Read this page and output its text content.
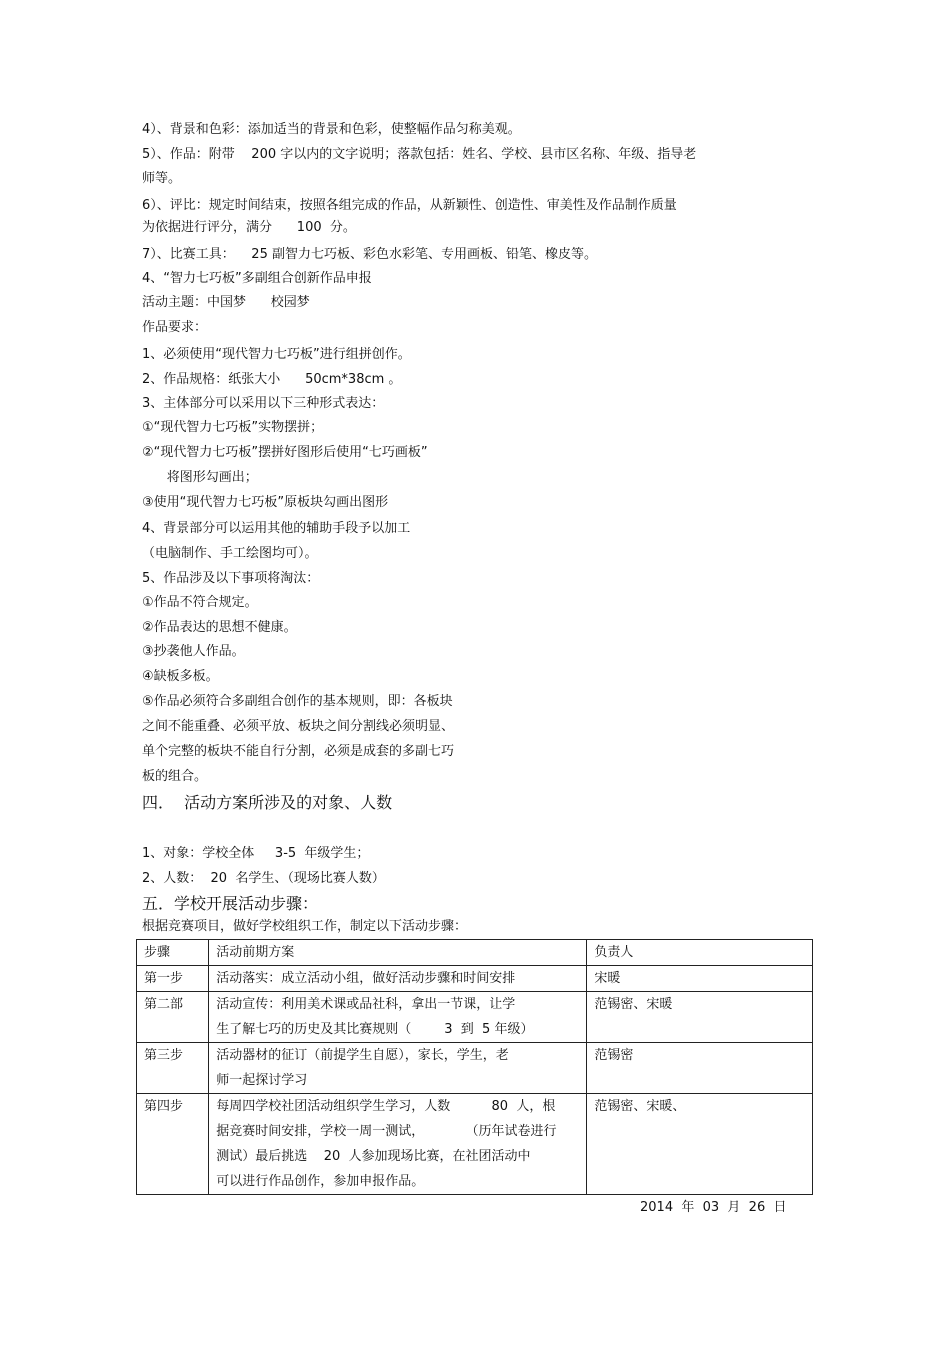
4）、背景和色彩：添加适当的背景和色彩，使整幅作品匀称美观。
5）、作品：附带    200 字以内的文字说明；落款包括：姓名、学校、县市区名称、年级、指导老
师等。
6）、评比：规定时间结束，按照各组完成的作品，从新颖性、创造性、审美性及作品制作质量
为依据进行评分，满分      100  分。
7）、比赛工具：    25 副智力七巧板、彩色水彩笔、专用画板、铅笔、橡皮等。
4、“智力七巧板”多副组合创新作品申报
活动主题：中国梦      校园梦
作品要求：
1、必须使用“现代智力七巧板”进行组拼创作。
2、作品规格：纸张大小      50cm*38cm 。
3、主体部分可以采用以下三种形式表达：
①“现代智力七巧板”实物摆拼；
②“现代智力七巧板”摆拼好图形后使用“七巧画板”
将图形勾画出；
③使用“现代智力七巧板”原板块勾画出图形
4、背景部分可以运用其他的辅助手段予以加工
（电脑制作、手工绘图均可）。
5、作品涉及以下事项将淘汰：
①作品不符合规定。
②作品表达的思想不健康。
③抄袭他人作品。
④缺板多板。
⑤作品必须符合多副组合创作的基本规则，即：各板块
之间不能重叠、必须平放、板块之间分割线必须明显、
单个完整的板块不能自行分割，必须是成套的多副七巧
板的组合。
四．  活动方案所涉及的对象、人数
1、对象：学校全体     3-5  年级学生；
2、人数：  20  名学生、（现场比赛人数）
五．学校开展活动步骤：
根据竞赛项目，做好学校组织工作，制定以下活动步骤：
步骤	活动前期方案	负责人
第一步	活动落实：成立活动小组，做好活动步骤和时间安排	宋暖
第二部	活动宣传：利用美术课或品社科，拿出一节课，让学
生了解七巧的历史及其比赛规则（        3  到  5 年级）	范锡密、宋暖
第三步	活动器材的征订（前提学生自愿），家长，学生，老
师一起探讨学习	范锡密
第四步	每周四学校社团活动组织学生学习，人数          80  人，根
据竞赛时间安排，学校一周一测试，          （历年试卷进行
测试）最后挑选    20  人参加现场比赛，在社团活动中
可以进行作品创作，参加申报作品。	范锡密、宋暖、
2014  年  03  月  26  日
